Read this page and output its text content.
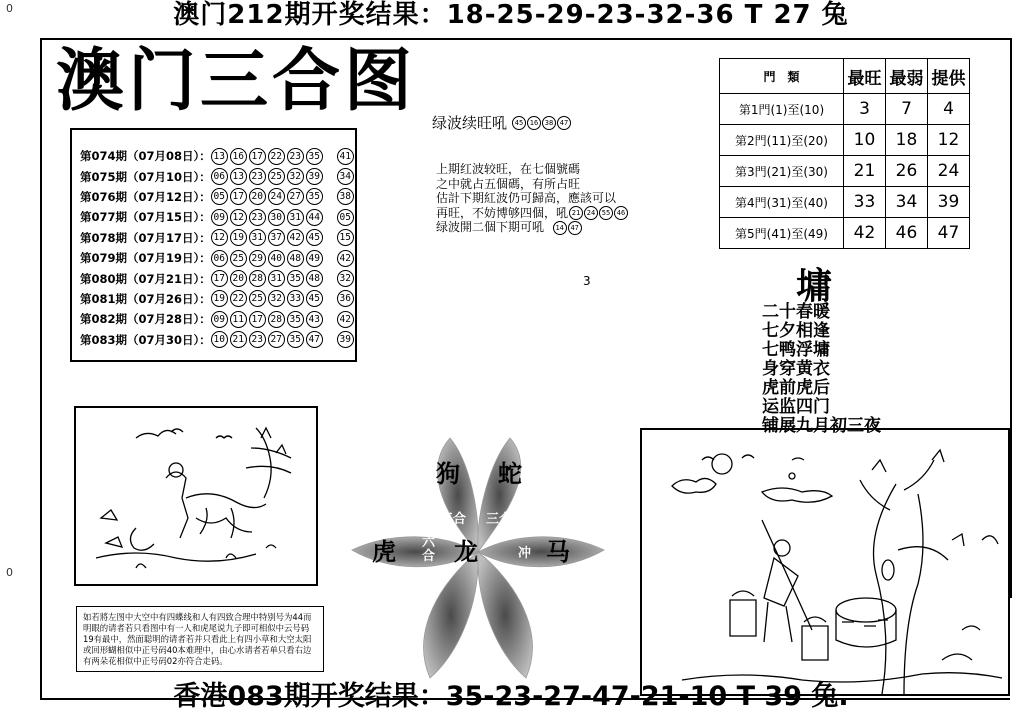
澳门212期开奖结果：18-25-29-23-32-36 T 27 兔
0
0
澳门三合图
第074期（07月08日）： 13 16 17 22 23 35 41
第075期（07月10日）： 06 13 23 25 32 39 34
第076期（07月12日）： 05 17 20 24 27 35 38
第077期（07月15日）： 09 12 23 30 31 44 05
第078期（07月17日）： 12 19 31 37 42 45 15
第079期（07月19日）： 06 25 29 40 48 49 42
第080期（07月21日）： 17 20 28 31 35 48 32
第081期（07月26日）： 19 22 25 32 33 45 36
第082期（07月28日）： 09 11 17 28 35 43 42
第083期（07月30日）： 10 21 23 27 35 47 39
绿波续旺吼	45 16 38 47
上期红波较旺，在七個號碼
之中就占五個碼，有所占旺
估計下期紅波仍可歸高，應該可以
再旺，不妨博够四個，吼 21 24 55 46
绿波開二個下期可吼 14 47
3
門　類	最旺	最弱	提供
第1門(1)至(10)	3	7	4
第2門(11)至(20)	10	18	12
第3門(21)至(30)	21	26	24
第4門(31)至(40)	33	34	39
第5門(41)至(49)	42	46	47
墉
二十春暖
七夕相逢
七鸭浮墉
身穿黄衣
虎前虎后
运监四门
铺展九月初三夜
狗 蛇
三合 三合
虎 六合 龙	冲 马
如若將左图中大空中有四蝶线和人有四致合理中特别号为44而明眼的请者若只看图中有一人和虎尾说九子即可相似中云号码19有最中，然面聪明的请者若并只看此上有四小草和大空太阳或回形蝴相似中正号码40本难理中，由心水请者若单只看右边有两朵花相似中正号码02亦符合走码。
香港083期开奖结果：35-23-27-47-21-10 T 39 兔.
